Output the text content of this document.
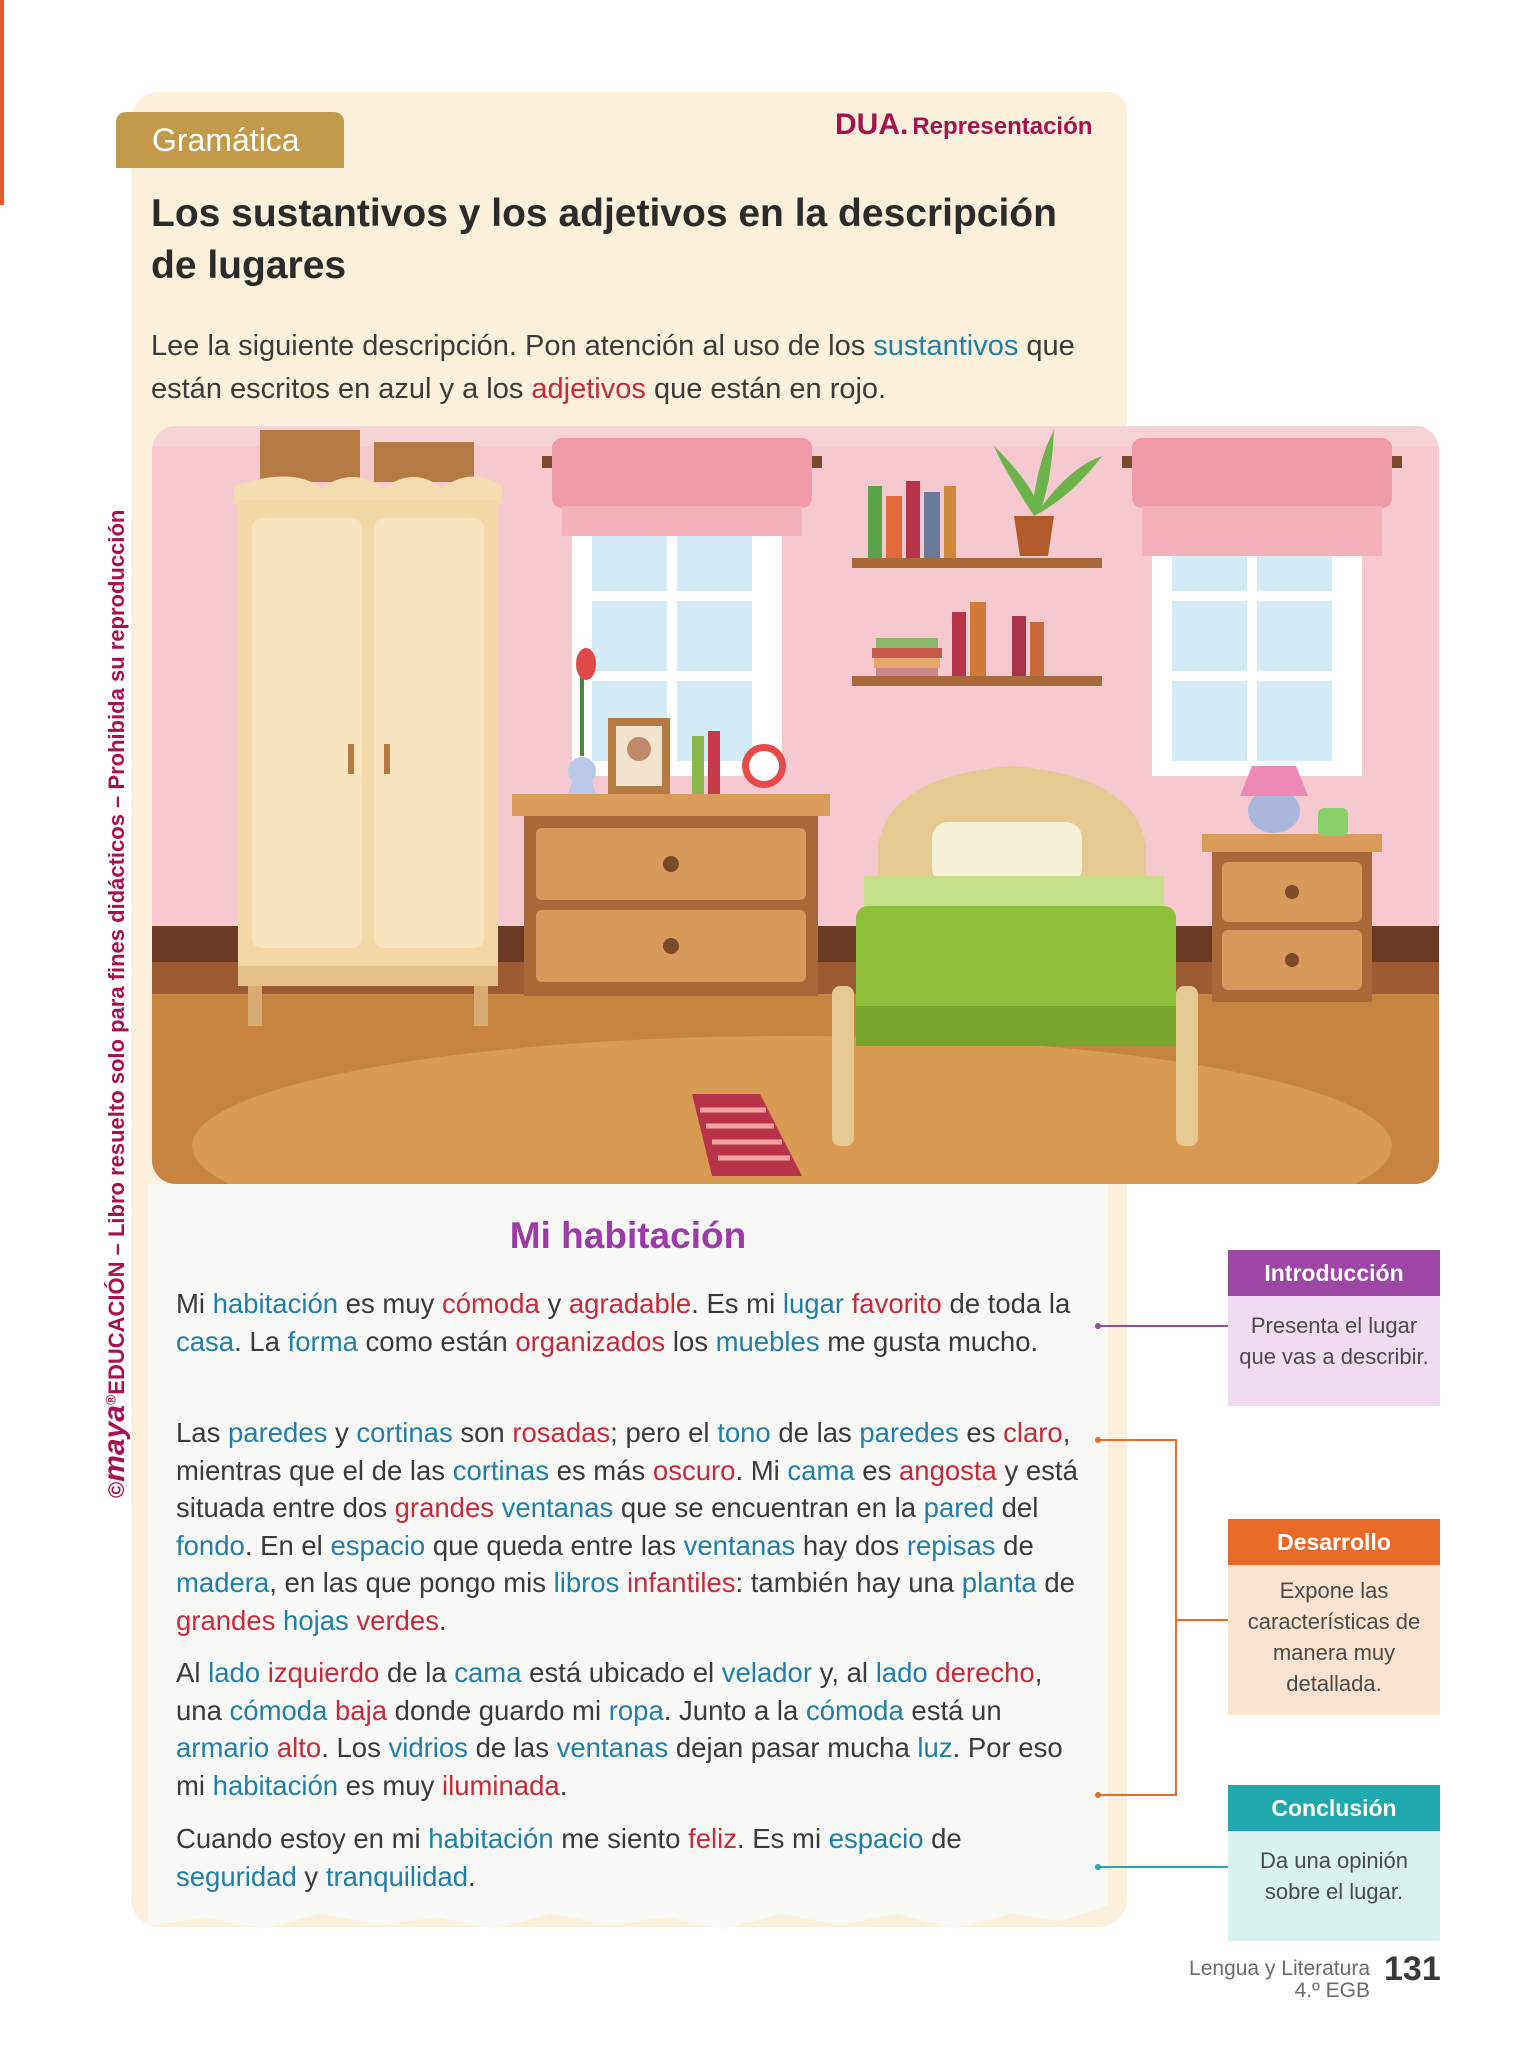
©maya®EDUCACIÓN – Libro resuelto solo para fines didácticos – Prohibida su reproducción
Gramática	DUA. Representación
Los sustantivos y los adjetivos en la descripción de lugares
Lee la siguiente descripción. Pon atención al uso de los sustantivos que están escritos en azul y a los adjetivos que están en rojo.
Mi habitación
Mi habitación es muy cómoda y agradable. Es mi lugar favorito de toda la casa. La forma como están organizados los muebles me gusta mucho.
Las paredes y cortinas son rosadas; pero el tono de las paredes es claro, mientras que el de las cortinas es más oscuro. Mi cama es angosta y está situada entre dos grandes ventanas que se encuentran en la pared del fondo. En el espacio que queda entre las ventanas hay dos repisas de madera, en las que pongo mis libros infantiles: también hay una planta de grandes hojas verdes.
Al lado izquierdo de la cama está ubicado el velador y, al lado derecho, una cómoda baja donde guardo mi ropa. Junto a la cómoda está un armario alto. Los vidrios de las ventanas dejan pasar mucha luz. Por eso mi habitación es muy iluminada.
Cuando estoy en mi habitación me siento feliz. Es mi espacio de seguridad y tranquilidad.
Introducción
Presenta el lugar que vas a describir.
Desarrollo
Expone las características de manera muy detallada.
Conclusión
Da una opinión sobre el lugar.
Lengua y Literatura
4.º EGB
131
